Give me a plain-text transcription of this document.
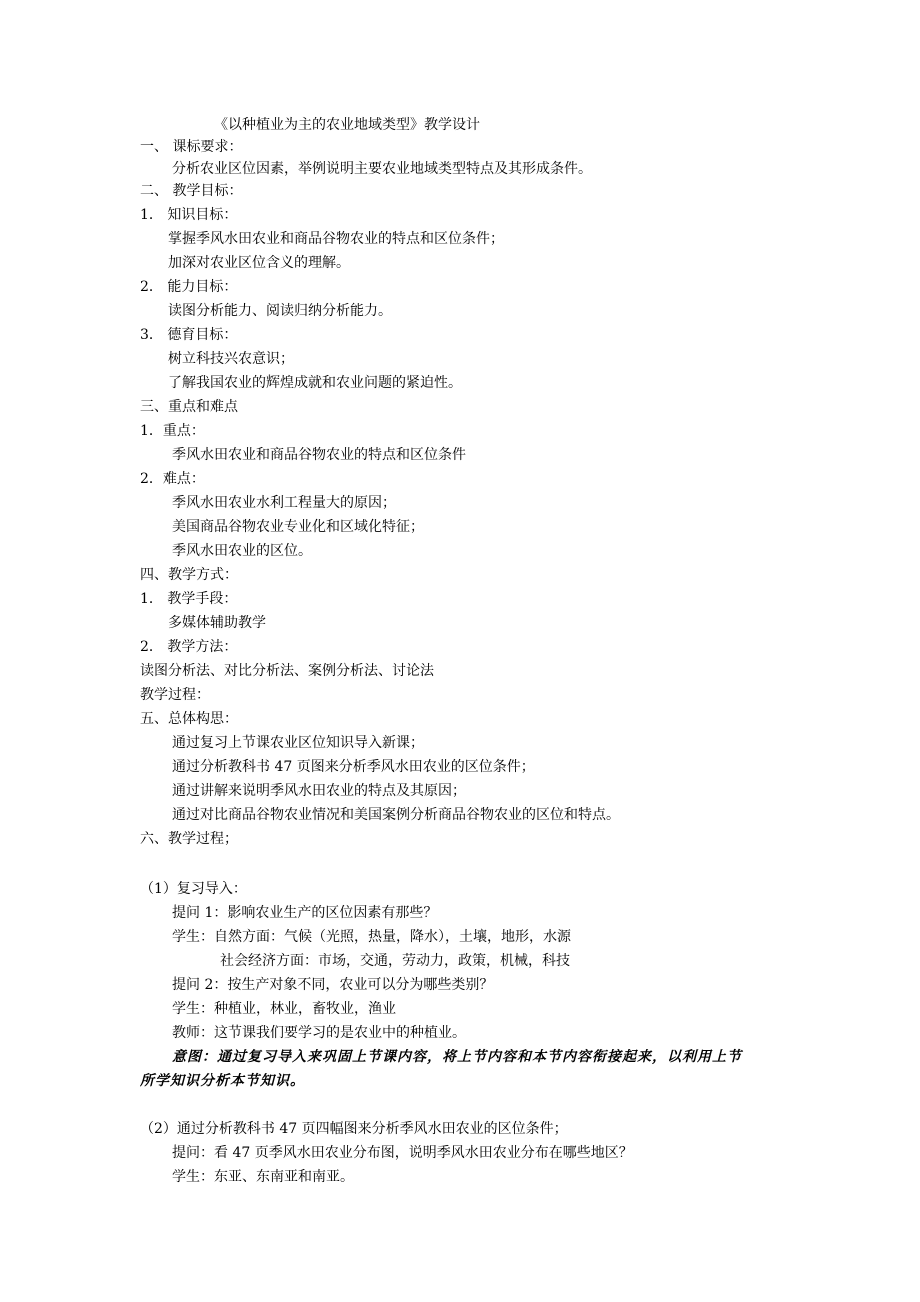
《以种植业为主的农业地域类型》教学设计
一、 课标要求：
分析农业区位因素，举例说明主要农业地域类型特点及其形成条件。
二、 教学目标：
1． 知识目标：
掌握季风水田农业和商品谷物农业的特点和区位条件；
加深对农业区位含义的理解。
2． 能力目标：
读图分析能力、阅读归纳分析能力。
3． 德育目标：
树立科技兴农意识；
了解我国农业的辉煌成就和农业问题的紧迫性。
三、重点和难点
1．重点：
季风水田农业和商品谷物农业的特点和区位条件
2．难点：
季风水田农业水利工程量大的原因；
美国商品谷物农业专业化和区域化特征；
季风水田农业的区位。
四、教学方式：
1． 教学手段：
多媒体辅助教学
2． 教学方法：
读图分析法、对比分析法、案例分析法、讨论法
教学过程：
五、总体构思：
通过复习上节课农业区位知识导入新课；
通过分析教科书 47 页图来分析季风水田农业的区位条件；
通过讲解来说明季风水田农业的特点及其原因；
通过对比商品谷物农业情况和美国案例分析商品谷物农业的区位和特点。
六、教学过程；
（1）复习导入：
提问 1：影响农业生产的区位因素有那些？
学生：自然方面：气候（光照，热量，降水），土壤，地形，水源
社会经济方面：市场，交通，劳动力，政策，机械，科技
提问 2：按生产对象不同，农业可以分为哪些类别？
学生：种植业，林业，畜牧业，渔业
教师：这节课我们要学习的是农业中的种植业。
意图：通过复习导入来巩固上节课内容，将上节内容和本节内容衔接起来，以利用上节
所学知识分析本节知识。
（2）通过分析教科书 47 页四幅图来分析季风水田农业的区位条件；
提问：看 47 页季风水田农业分布图，说明季风水田农业分布在哪些地区？
学生：东亚、东南亚和南亚。
